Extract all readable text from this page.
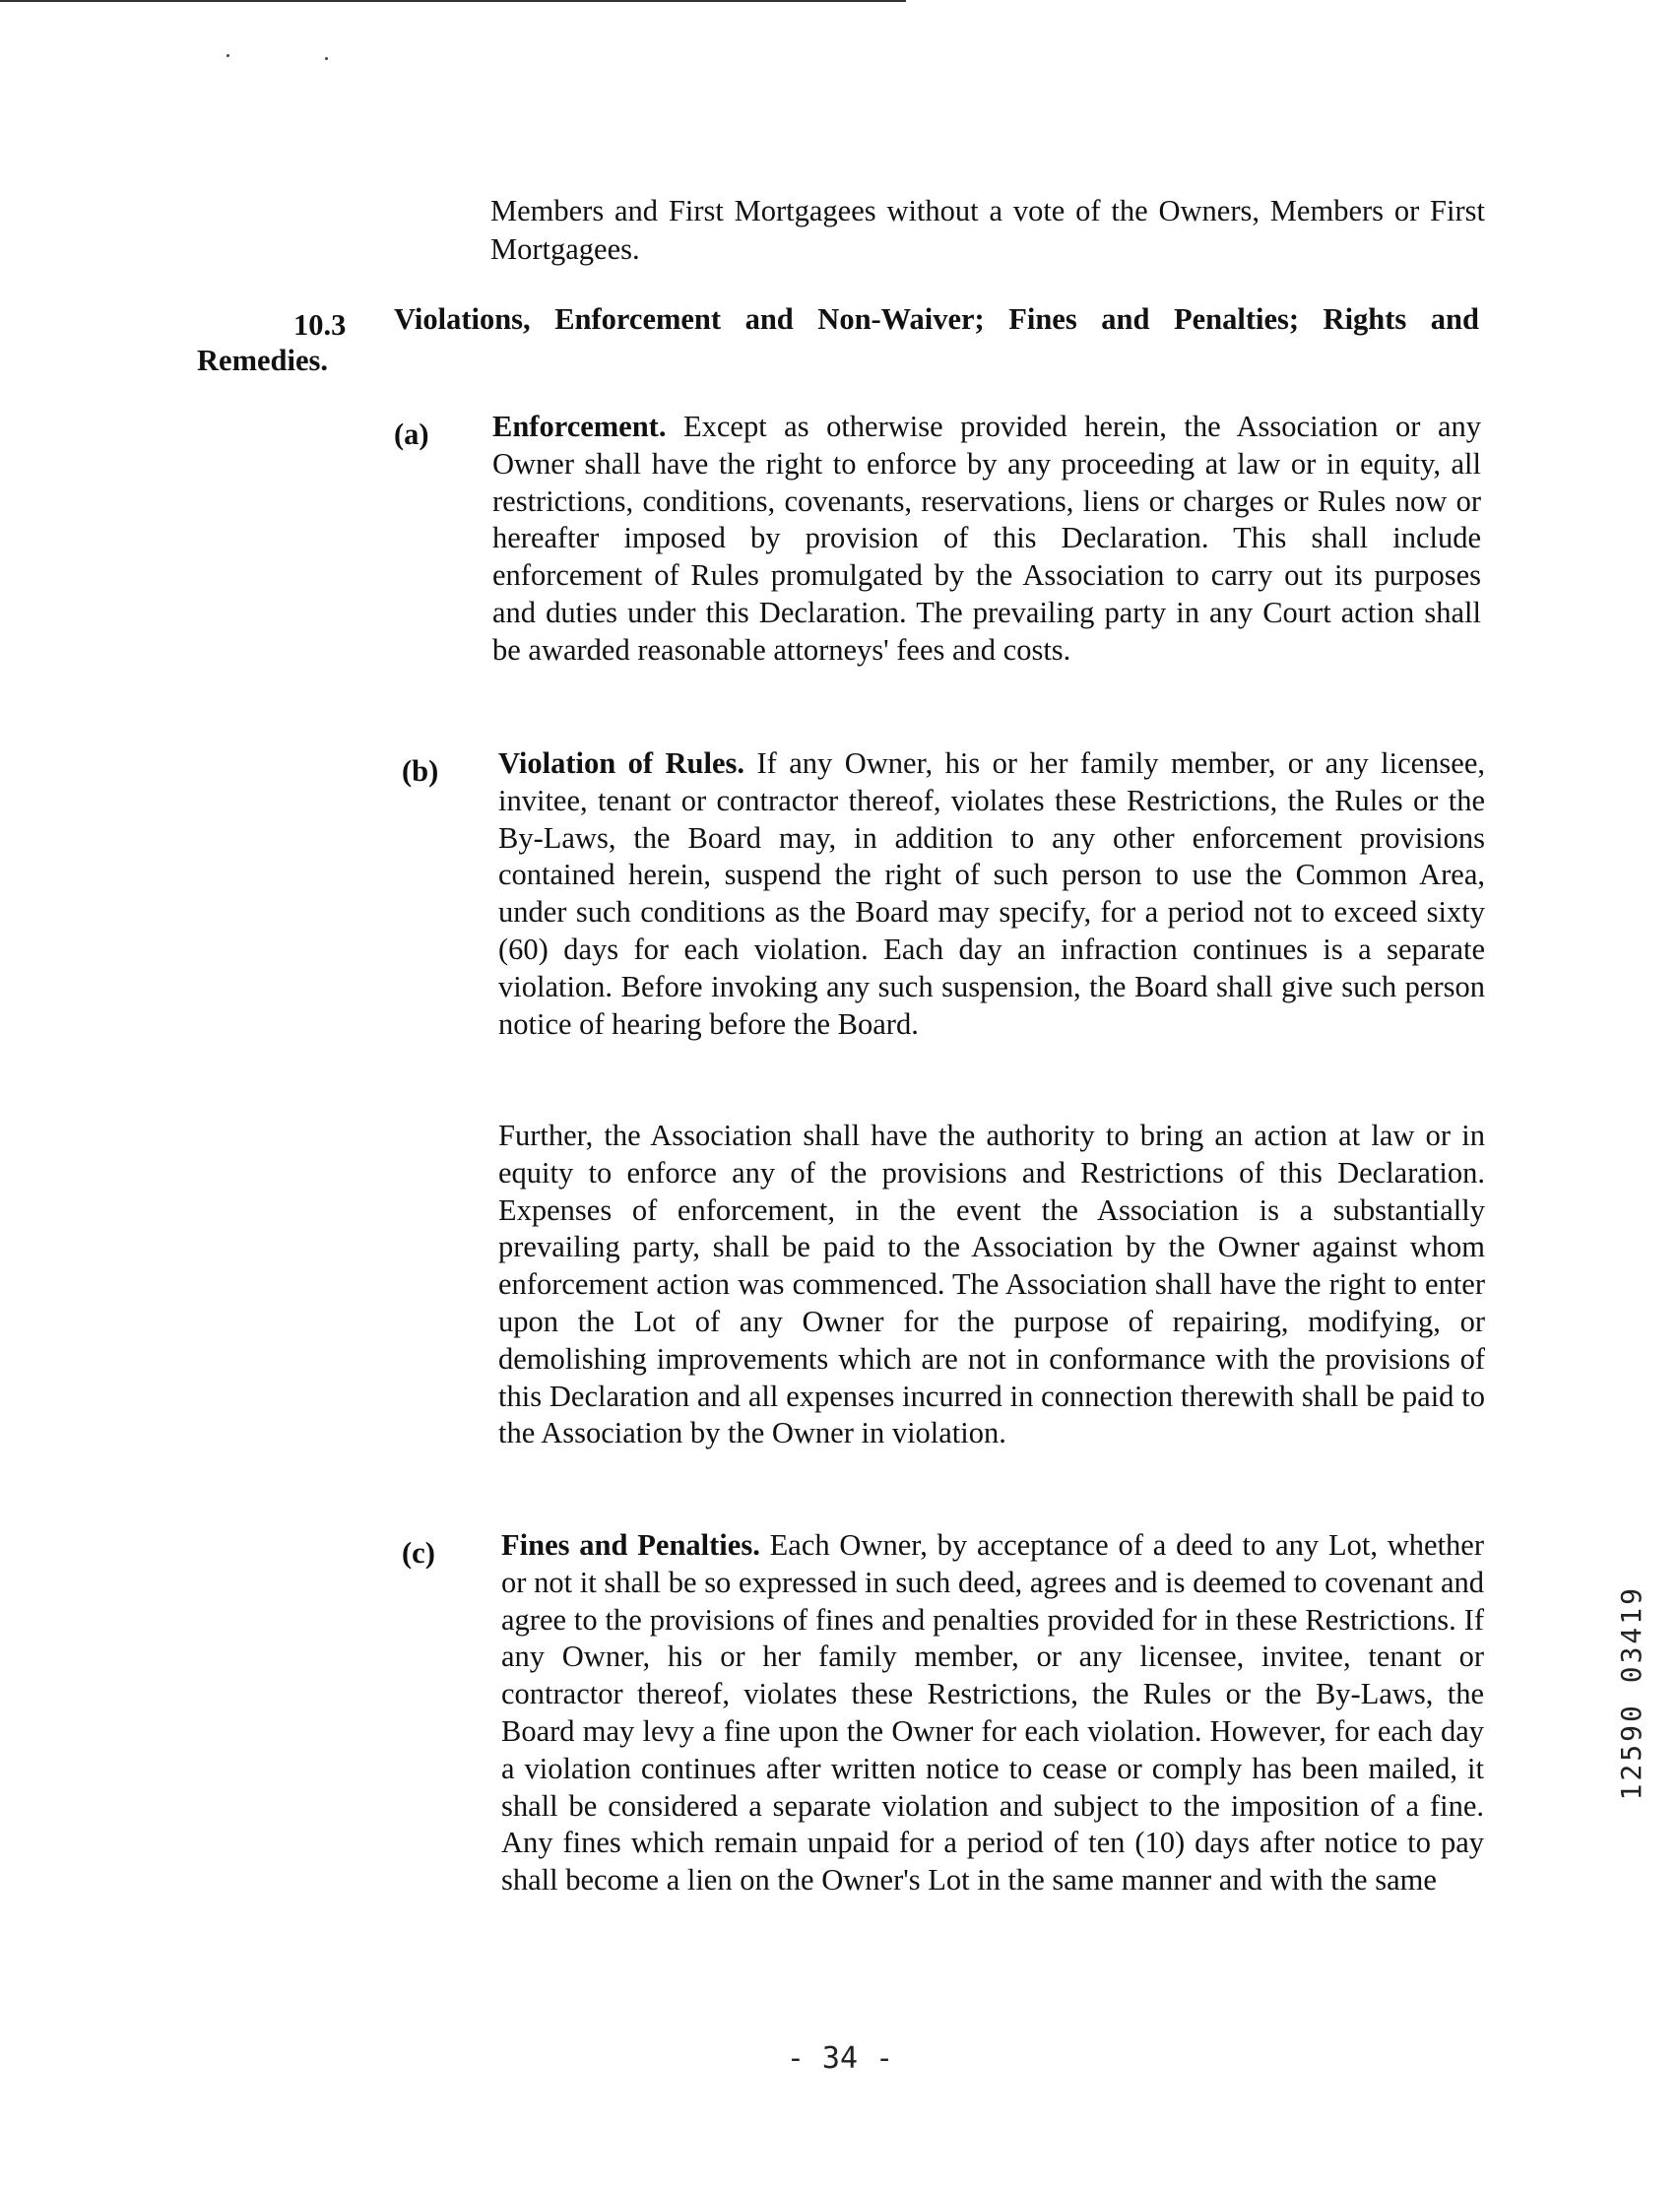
Members and First Mortgagees without a vote of the Owners, Members or First Mortgagees.
10.3 Violations, Enforcement and Non-Waiver; Fines and Penalties; Rights and
Remedies.
(a) Enforcement. Except as otherwise provided herein, the Association or any Owner shall have the right to enforce by any proceeding at law or in equity, all restrictions, conditions, covenants, reservations, liens or charges or Rules now or hereafter imposed by provision of this Declaration. This shall include enforcement of Rules promulgated by the Association to carry out its purposes and duties under this Declaration. The prevailing party in any Court action shall be awarded reasonable attorneys' fees and costs.
(b) Violation of Rules. If any Owner, his or her family member, or any licensee, invitee, tenant or contractor thereof, violates these Restrictions, the Rules or the By-Laws, the Board may, in addition to any other enforcement provisions contained herein, suspend the right of such person to use the Common Area, under such conditions as the Board may specify, for a period not to exceed sixty (60) days for each violation. Each day an infraction continues is a separate violation. Before invoking any such suspension, the Board shall give such person notice of hearing before the Board.
Further, the Association shall have the authority to bring an action at law or in equity to enforce any of the provisions and Restrictions of this Declaration. Expenses of enforcement, in the event the Association is a substantially prevailing party, shall be paid to the Association by the Owner against whom enforcement action was commenced. The Association shall have the right to enter upon the Lot of any Owner for the purpose of repairing, modifying, or demolishing improvements which are not in conformance with the provisions of this Declaration and all expenses incurred in connection therewith shall be paid to the Association by the Owner in violation.
(c) Fines and Penalties. Each Owner, by acceptance of a deed to any Lot, whether or not it shall be so expressed in such deed, agrees and is deemed to covenant and agree to the provisions of fines and penalties provided for in these Restrictions. If any Owner, his or her family member, or any licensee, invitee, tenant or contractor thereof, violates these Restrictions, the Rules or the By-Laws, the Board may levy a fine upon the Owner for each violation. However, for each day a violation continues after written notice to cease or comply has been mailed, it shall be considered a separate violation and subject to the imposition of a fine. Any fines which remain unpaid for a period of ten (10) days after notice to pay shall become a lien on the Owner's Lot in the same manner and with the same
12590 03419
- 34 -
